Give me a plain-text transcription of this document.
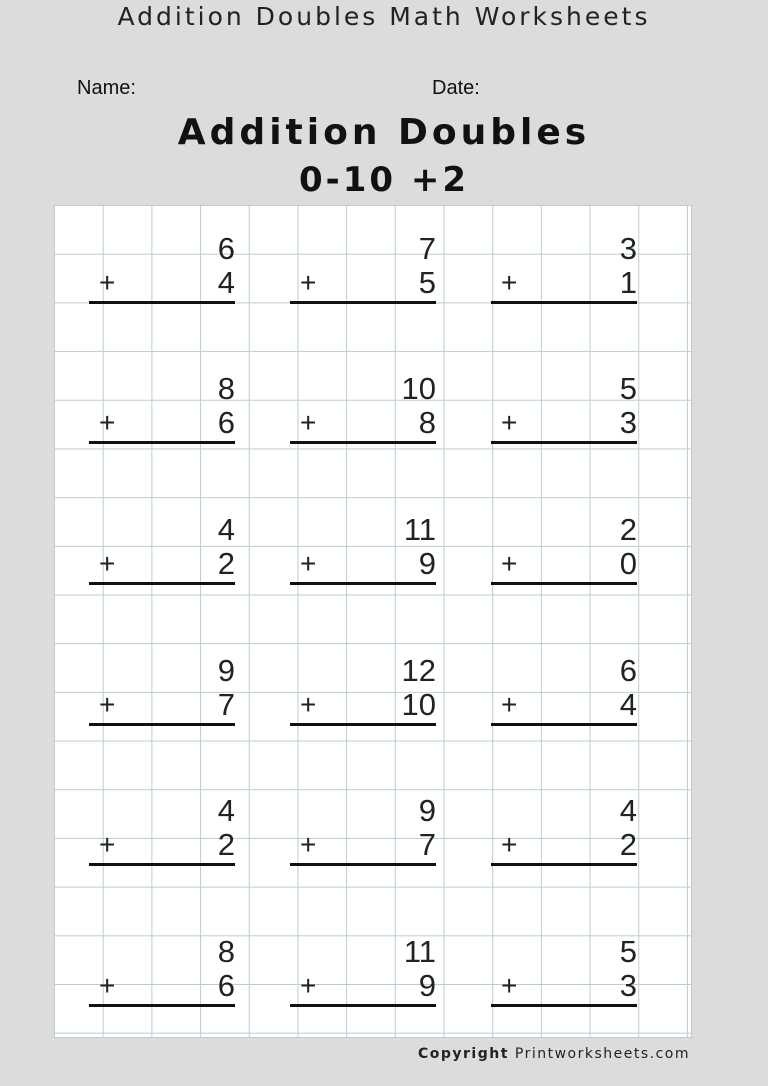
Addition Doubles Math Worksheets
Name:	Date:
Addition Doubles
0-10 +2
6
+	4
7
+	5
3
+	1
8
+	6
10
+	8
5
+	3
4
+	2
11
+	9
2
+	0
9
+	7
12
+	10
6
+	4
4
+	2
9
+	7
4
+	2
8
+	6
11
+	9
5
+	3
Copyright Printworksheets.com
